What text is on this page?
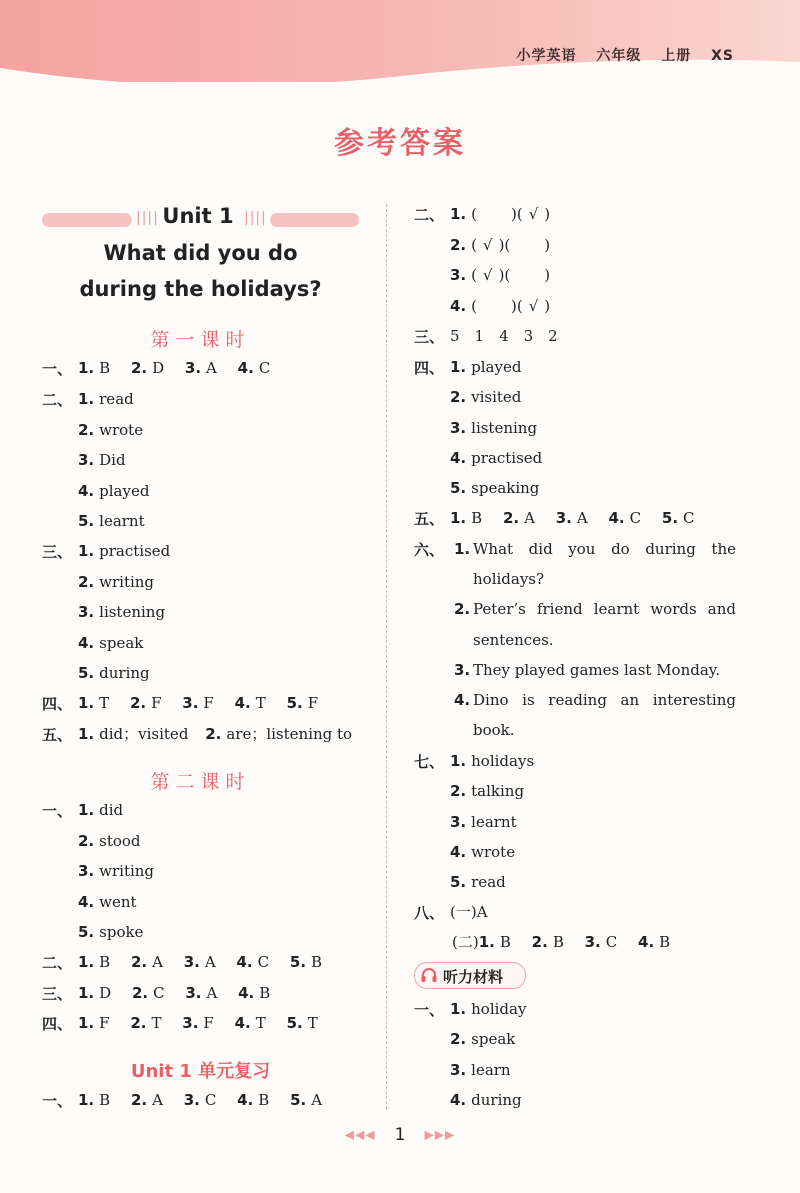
小学英语 六年级 上册 XS
参考答案
||||	||||
Unit 1
What did you do
during the holidays?
第一课时
一、 1. B 2. D 3. A 4. C
二、 1. read
2. wrote
3. Did
4. played
5. learnt
三、 1. practised
2. writing
3. listening
4. speak
5. during
四、 1. T 2. F 3. F 4. T 5. F
五、 1. did；visited 2. are；listening to
第二课时
一、 1. did
2. stood
3. writing
4. went
5. spoke
二、 1. B 2. A 3. A 4. C 5. B
三、 1. D 2. C 3. A 4. B
四、 1. F 2. T 3. F 4. T 5. T
Unit 1 单元复习
一、 1. B 2. A 3. C 4. B 5. A
二、 1. ( )( √ )
2. ( √ )( )
3. ( √ )( )
4. ( )( √ )
三、 5　1　4　3　2
四、 1. played
2. visited
3. listening
4. practised
5. speaking
五、 1. B 2. A 3. A 4. C 5. C
六、 1. What did you do during the
holidays?
2. Peter’s friend learnt words and
sentences.
3. They played games last Monday.
4. Dino is reading an interesting
book.
七、 1. holidays
2. talking
3. learnt
4. wrote
5. read
八、 (一)A
(二)1. B 2. B 3. C 4. B
听力材料
一、 1. holiday
2. speak
3. learn
4. during
◀◀◀ 1 ▶▶▶
